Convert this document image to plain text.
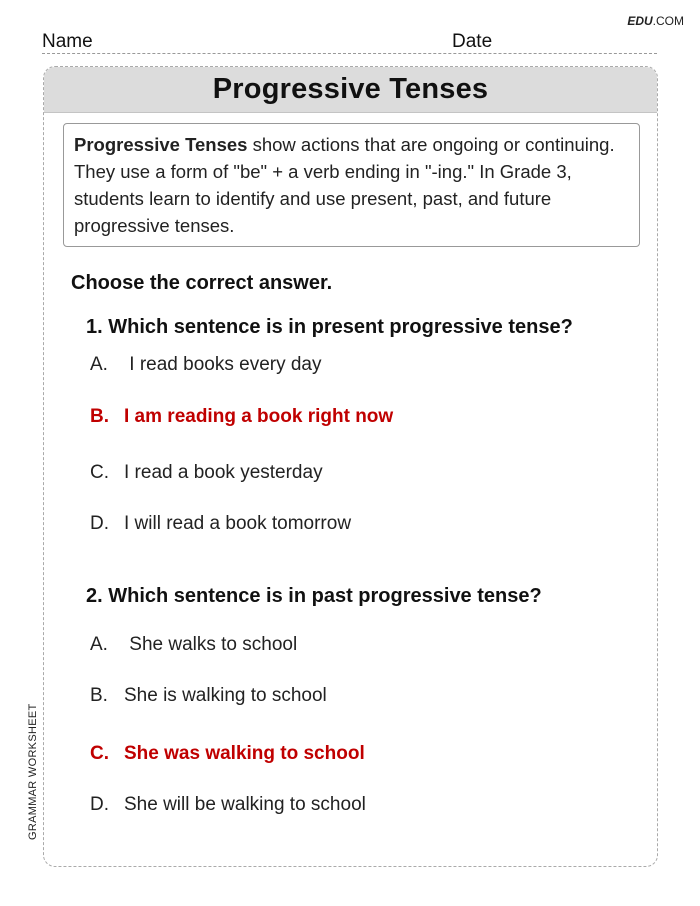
EDU.COM
Name	Date
Progressive Tenses
Progressive Tenses show actions that are ongoing or continuing. They use a form of "be" + a verb ending in "-ing." In Grade 3, students learn to identify and use present, past, and future progressive tenses.
Choose the correct answer.
1. Which sentence is in present progressive tense?
A. I read books every day
B. I am reading a book right now
C. I read a book yesterday
D. I will read a book tomorrow
2. Which sentence is in past progressive tense?
A. She walks to school
B. She is walking to school
C. She was walking to school
D. She will be walking to school
GRAMMAR WORKSHEET
